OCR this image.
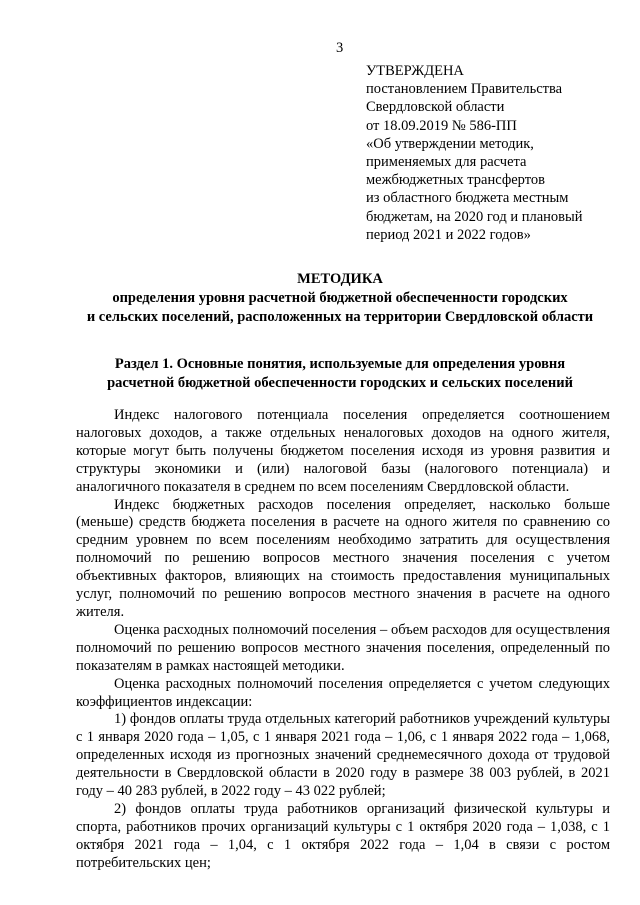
3
УТВЕРЖДЕНА
постановлением Правительства
Свердловской области
от 18.09.2019 № 586-ПП
«Об утверждении методик,
применяемых для расчета
межбюджетных трансфертов
из областного бюджета местным
бюджетам, на 2020 год и плановый
период 2021 и 2022 годов»
МЕТОДИКА
определения уровня расчетной бюджетной обеспеченности городских
и сельских поселений, расположенных на территории Свердловской области
Раздел 1. Основные понятия, используемые для определения уровня
расчетной бюджетной обеспеченности городских и сельских поселений

Индекс налогового потенциала поселения определяется соотношением налоговых доходов, а также отдельных неналоговых доходов на одного жителя, которые могут быть получены бюджетом поселения исходя из уровня развития и структуры экономики и (или) налоговой базы (налогового потенциала) и аналогичного показателя в среднем по всем поселениям Свердловской области.

Индекс бюджетных расходов поселения определяет, насколько больше (меньше) средств бюджета поселения в расчете на одного жителя по сравнению со средним уровнем по всем поселениям необходимо затратить для осуществления полномочий по решению вопросов местного значения поселения с учетом объективных факторов, влияющих на стоимость предоставления муниципальных услуг, полномочий по решению вопросов местного значения в расчете на одного жителя.

Оценка расходных полномочий поселения – объем расходов для осуществления полномочий по решению вопросов местного значения поселения, определенный по показателям в рамках настоящей методики.

Оценка расходных полномочий поселения определяется с учетом следующих коэффициентов индексации:

1) фондов оплаты труда отдельных категорий работников учреждений культуры с 1 января 2020 года – 1,05, с 1 января 2021 года – 1,06, с 1 января 2022 года – 1,068, определенных исходя из прогнозных значений среднемесячного дохода от трудовой деятельности в Свердловской области в 2020 году в размере 38 003 рублей, в 2021 году – 40 283 рублей, в 2022 году – 43 022 рублей;

2) фондов оплаты труда работников организаций физической культуры и спорта, работников прочих организаций культуры с 1 октября 2020 года – 1,038, с 1 октября 2021 года – 1,04, с 1 октября 2022 года – 1,04 в связи с ростом потребительских цен;
